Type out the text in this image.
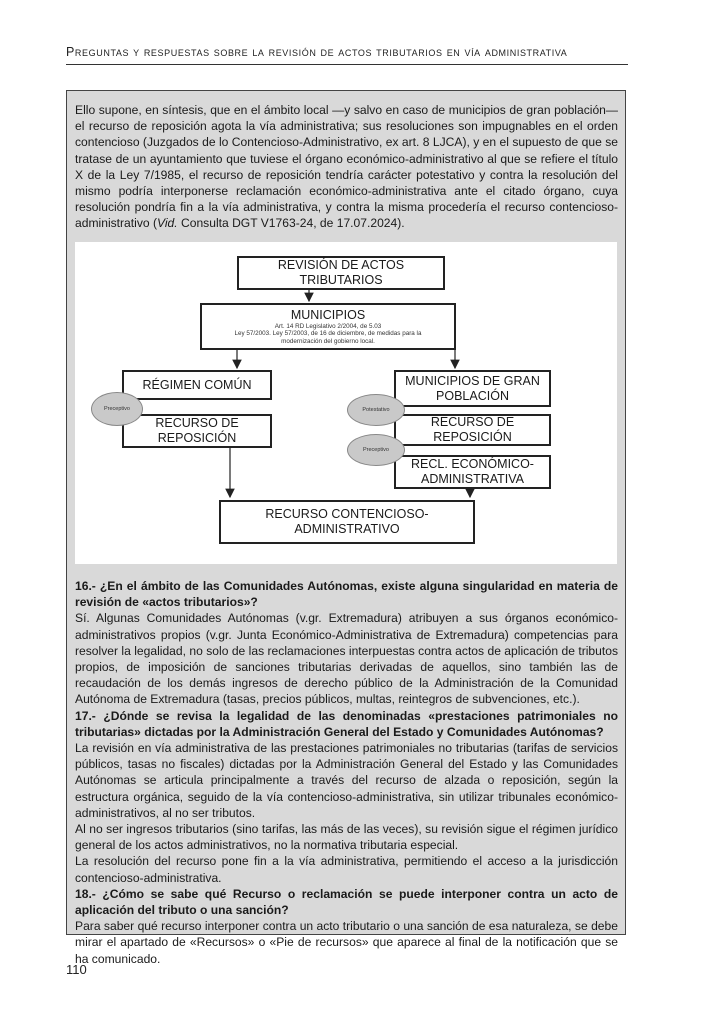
Preguntas y respuestas sobre la revisión de actos tributarios en vía administrativa

Ello supone, en síntesis, que en el ámbito local —y salvo en caso de municipios de gran población— el recurso de reposición agota la vía administrativa; sus resoluciones son impugnables en el orden contencioso (Juzgados de lo Contencioso-Administrativo, ex art. 8 LJCA), y en el supuesto de que se tratase de un ayuntamiento que tuviese el órgano económico-administrativo al que se refiere el título X de la Ley 7/1985, el recurso de reposición tendría carácter potestativo y contra la resolución del mismo podría interponerse reclamación económico-administrativa ante el citado órgano, cuya resolución pondría fin a la vía administrativa, y contra la misma procedería el recurso contencioso-administrativo (Vid. Consulta DGT V1763-24, de 17.07.2024).

REVISIÓN DE ACTOS TRIBUTARIOS
MUNICIPIOS
Art. 14 RD Legislativo 2/2004, de 5.03
Ley 57/2003. Ley 57/2003, de 16 de diciembre, de medidas para la
modernización del gobierno local.
RÉGIMEN COMÚN	MUNICIPIOS DE GRAN
POBLACIÓN
RECURSO DE REPOSICIÓN
RECURSO DE REPOSICIÓN
RECL. ECONÓMICO-
ADMINISTRATIVA
RECURSO CONTENCIOSO-ADMINISTRATIVO
Preceptivo	Potestativo
Preceptivo
16.- ¿En el ámbito de las Comunidades Autónomas, existe alguna singularidad en materia de revisión de «actos tributarios»?
Sí. Algunas Comunidades Autónomas (v.gr. Extremadura) atribuyen a sus órganos económico-administrativos propios (v.gr. Junta Económico-Administrativa de Extremadura) competencias para resolver la legalidad, no solo de las reclamaciones interpuestas contra actos de aplicación de tributos propios, de imposición de sanciones tributarias derivadas de aquellos, sino también las de recaudación de los demás ingresos de derecho público de la Administración de la Comunidad Autónoma de Extremadura (tasas, precios públicos, multas, reintegros de subvenciones, etc.).
17.- ¿Dónde se revisa la legalidad de las denominadas «prestaciones patrimoniales no tributarias» dictadas por la Administración General del Estado y Comunidades Autónomas?
La revisión en vía administrativa de las prestaciones patrimoniales no tributarias (tarifas de servicios públicos, tasas no fiscales) dictadas por la Administración General del Estado y las Comunidades Autónomas se articula principalmente a través del recurso de alzada o reposición, según la estructura orgánica, seguido de la vía contencioso-administrativa, sin utilizar tribunales económico-administrativos, al no ser tributos.
Al no ser ingresos tributarios (sino tarifas, las más de las veces), su revisión sigue el régimen jurídico general de los actos administrativos, no la normativa tributaria especial.
La resolución del recurso pone fin a la vía administrativa, permitiendo el acceso a la jurisdicción contencioso-administrativa.
18.- ¿Cómo se sabe qué Recurso o reclamación se puede interponer contra un acto de aplicación del tributo o una sanción?
Para saber qué recurso interponer contra un acto tributario o una sanción de esa naturaleza, se debe mirar el apartado de «Recursos» o «Pie de recursos» que aparece al final de la notificación que se ha comunicado.
110
